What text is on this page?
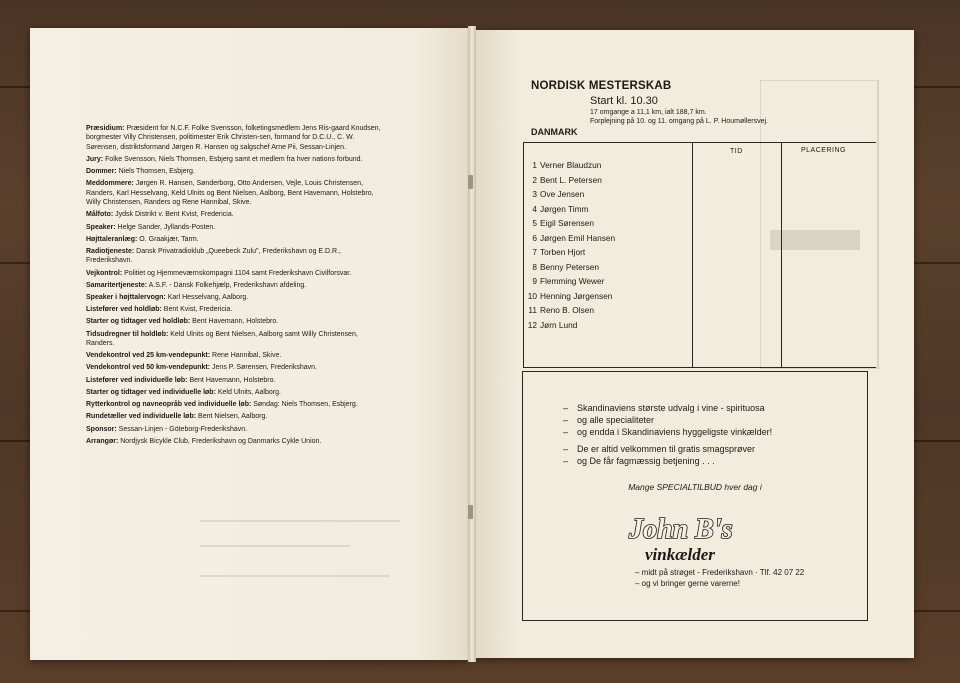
Præsidium: Præsident for N.C.F. Folke Svensson, folketingsmedlem Jens Ris-gaard Knudsen, borgmester Villy Christensen, politimester Erik Christen-sen, formand for D.C.U., C. W. Sørensen, distriktsformand Jørgen R. Hansen og salgschef Arne Pii, Sessan-Linjen.
Jury: Folke Svensson, Niels Thomsen, Esbjerg samt et medlem fra hver nations forbund.
Dommer: Niels Thomsen, Esbjerg.
Meddommere: Jørgen R. Hansen, Sønderborg, Otto Andersen, Vejle, Louis Christensen, Randers, Karl Hesselvang, Keld Ulnits og Bent Nielsen, Aalborg, Bent Havemann, Holstebro, Willy Christensen, Randers og Rene Hannibal, Skive.
Målfoto: Jydsk Distrikt v. Bent Kvist, Fredericia.
Speaker: Helge Sander, Jyllands-Posten.
Højttaleranlæg: O. Graakjær, Tarm.
Radiotjeneste: Dansk Privatradioklub „Queebeck Zulu", Frederikshavn og E.D.R., Frederikshavn.
Vejkontrol: Politiet og Hjemmeværnskompagni 1104 samt Frederikshavn Civilforsvar.
Samaritertjeneste: A.S.F. - Dansk Folkehjælp, Frederikshavn afdeling.
Speaker i højttalervogn: Karl Hesselvang, Aalborg.
Listefører ved holdløb: Bent Kvist, Fredericia.
Starter og tidtager ved holdløb: Bent Havemann, Holstebro.
Tidsudregner til holdløb: Keld Ulnits og Bent Nielsen, Aalborg samt Willy Christensen, Randers.
Vendekontrol ved 25 km-vendepunkt: Rene Hannibal, Skive.
Vendekontrol ved 50 km-vendepunkt: Jens P. Sørensen, Frederikshavn.
Listefører ved individuelle løb: Bent Havemann, Holstebro.
Starter og tidtager ved individuelle løb: Keld Ulnits, Aalborg.
Rytterkontrol og navneopråb ved individuelle løb: Søndag: Niels Thomsen, Esbjerg.
Rundetæller ved individuelle løb: Bent Nielsen, Aalborg.
Sponsor: Sessan-Linjen - Göteborg-Frederikshavn.
Arrangør: Nordjysk Bicykle Club, Frederikshavn og Danmarks Cykle Union.
NORDISK MESTERSKAB
Start kl. 10.30
17 omgange a 11,1 km, ialt 188,7 km.
Forplejning på 10. og 11. omgang på L. P. Houmøllersvej.
DANMARK
TID	PLACERING
1 Verner Blaudzun
2 Bent L. Petersen
3 Ove Jensen
4 Jørgen Timm
5 Eigil Sørensen
6 Jørgen Emil Hansen
7 Torben Hjort
8 Benny Petersen
9 Flemming Wewer
10 Henning Jørgensen
11 Reno B. Olsen
12 Jørn Lund
– Skandinaviens største udvalg i vine - spirituosa
– og alle specialiteter
– og endda i Skandinaviens hyggeligste vinkælder!
– De er altid velkommen til gratis smagsprøver
– og De får fagmæssig betjening . . .
Mange SPECIALTILBUD hver dag i
John B's
vinkælder
– midt på strøget - Frederikshavn · Tlf. 42 07 22
– og vi bringer gerne varerne!
